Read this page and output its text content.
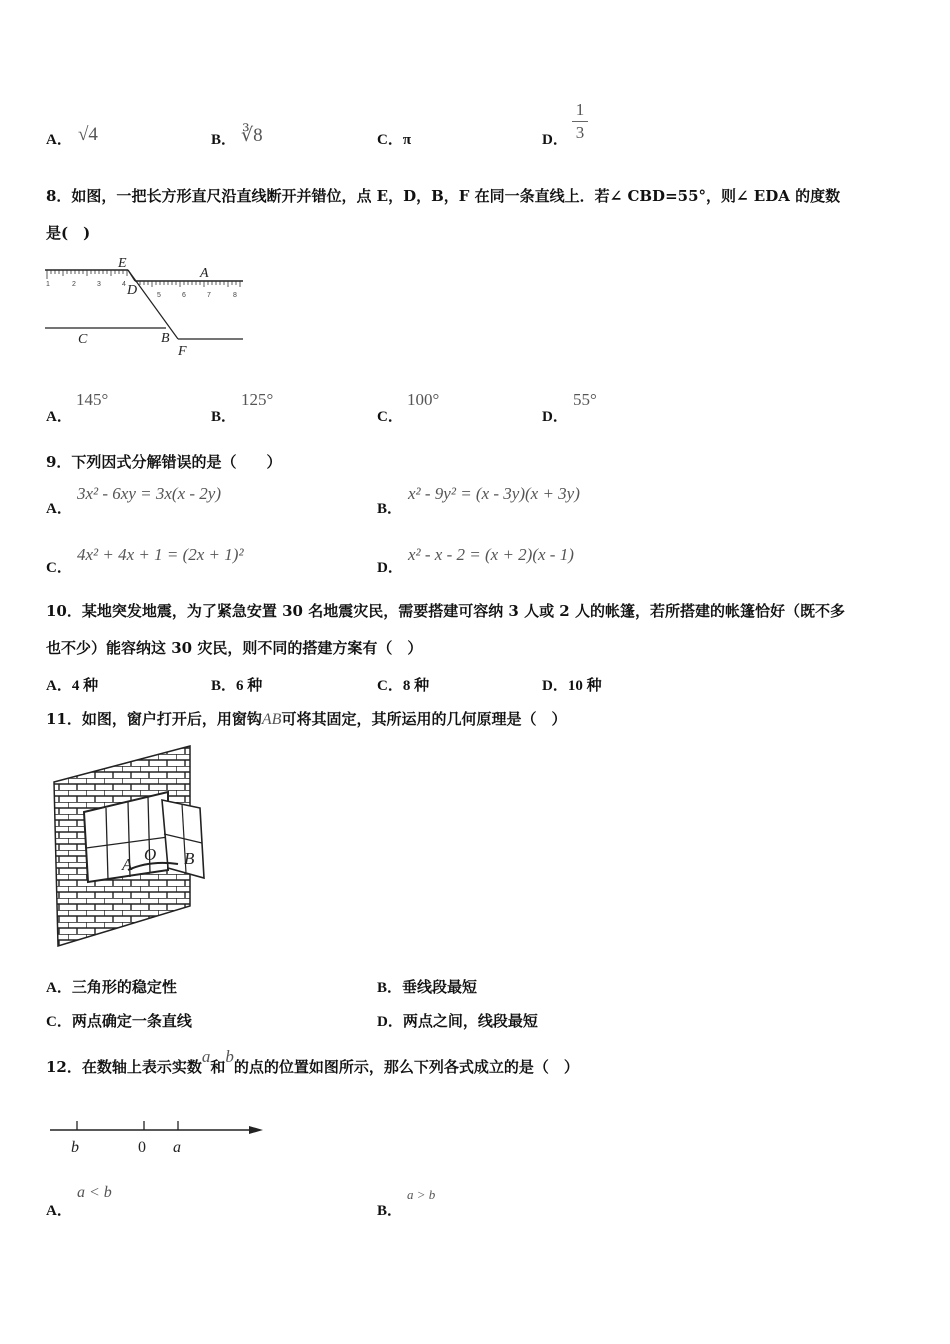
A． √4	B． ∛8	C．π	D．
1
3
8．如图，一把长方形直尺沿直线断开并错位，点 E，D，B，F 在同一条直线上．若∠ CBD=55°，则∠ EDA 的度数
是(　)
1	2	3	4
5	6	7	8
E
A
D
C	B
F
A．
145°
B．
125°
C．
100°
D．
55°
9．下列因式分解错误的是（　　）
A．
3x² - 6xy = 3x(x - 2y)
B．
x² - 9y² = (x - 3y)(x + 3y)
C．
4x² + 4x + 1 = (2x + 1)²
D．
x² - x - 2 = (x + 2)(x - 1)
10．某地突发地震，为了紧急安置 30 名地震灾民，需要搭建可容纳 3 人或 2 人的帐篷，若所搭建的帐篷恰好（既不多
也不少）能容纳这 30 灾民，则不同的搭建方案有（　）
A．4 种	B．6 种	C．8 种	D．10 种
11．如图，窗户打开后，用窗钩AB可将其固定，其所运用的几何原理是（　）
A
O B
A．三角形的稳定性	B．垂线段最短
C．两点确定一条直线	D．两点之间，线段最短
12．在数轴上表示实数a和b的点的位置如图所示，那么下列各式成立的是（　）
b	0 a
A．
a < b
B．
a > b
